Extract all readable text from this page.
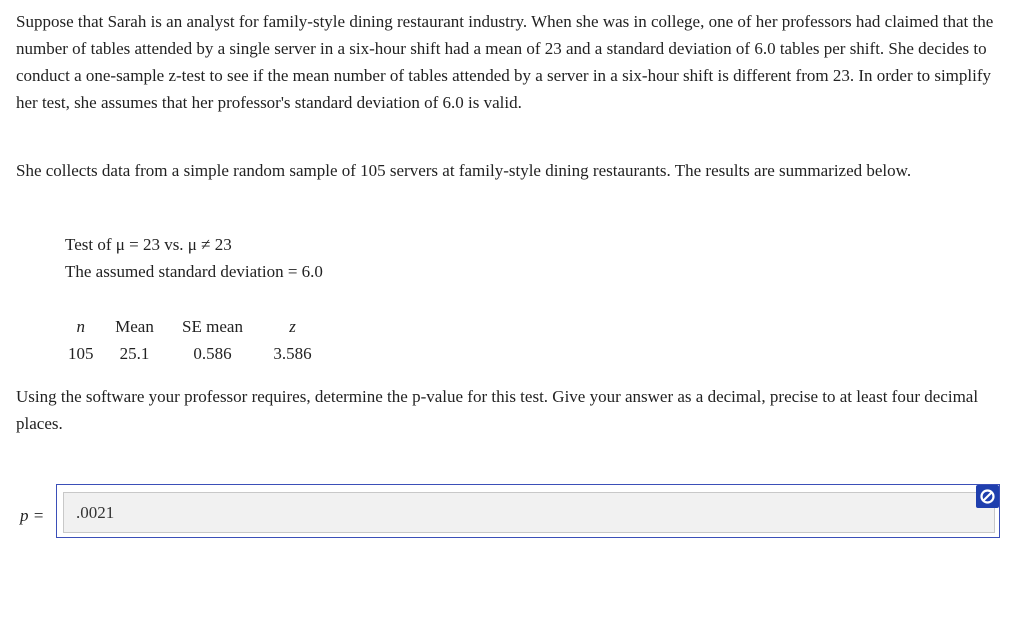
Suppose that Sarah is an analyst for family-style dining restaurant industry. When she was in college, one of her professors had claimed that the number of tables attended by a single server in a six-hour shift had a mean of 23 and a standard deviation of 6.0 tables per shift. She decides to conduct a one-sample z-test to see if the mean number of tables attended by a server in a six-hour shift is different from 23. In order to simplify her test, she assumes that her professor's standard deviation of 6.0 is valid.

She collects data from a simple random sample of 105 servers at family-style dining restaurants. The results are summarized below.

Test of μ = 23 vs. μ ≠ 23

The assumed standard deviation = 6.0

n	Mean	SE mean	z
105	25.1	0.586	3.586

Using the software your professor requires, determine the p-value for this test. Give your answer as a decimal, precise to at least four decimal places.

p =
.0021
